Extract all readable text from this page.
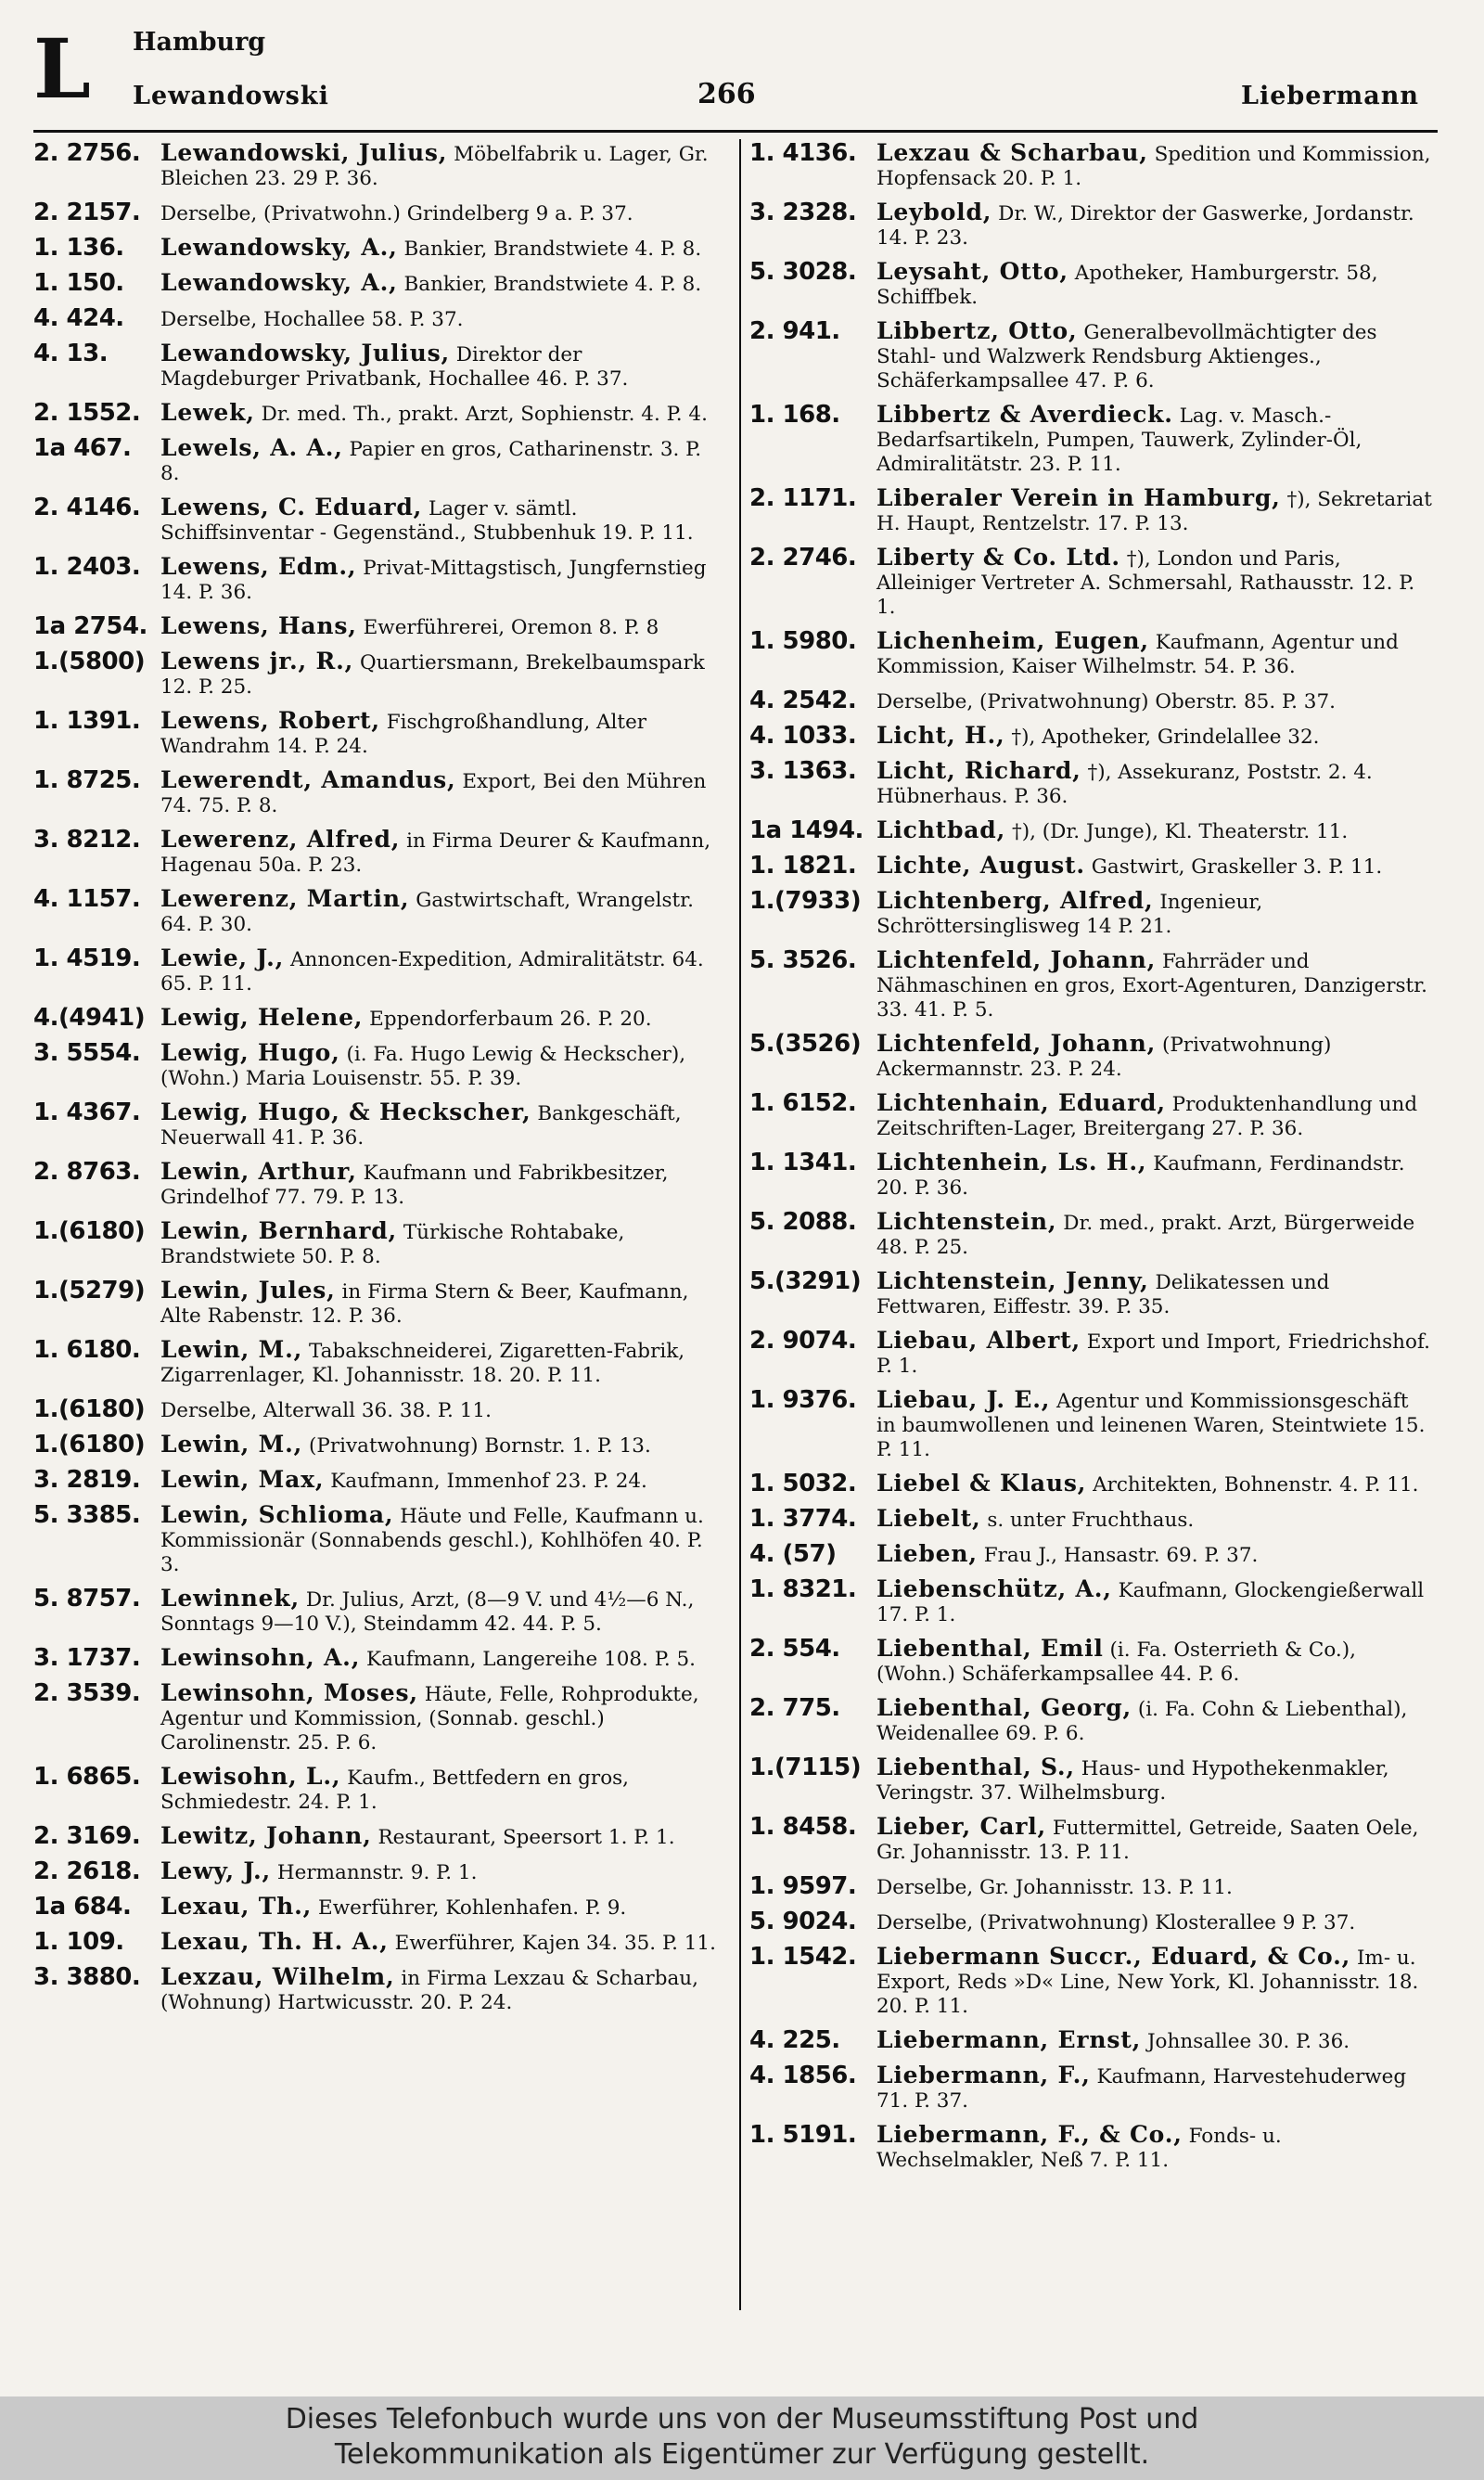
L Hamburg
Lewandowski	266	Liebermann
2. 2756. Lewandowski, Julius, Möbelfabrik u. Lager, Gr. Bleichen 23. 29 P. 36.
2. 2157.	Derselbe, (Privatwohn.) Grindelberg 9 a. P. 37.
1. 136.	Lewandowsky, A., Bankier, Brandstwiete 4. P. 8.
1. 150.	Lewandowsky, A., Bankier, Brandstwiete 4. P. 8.
4. 424.	Derselbe, Hochallee 58. P. 37.
4. 13.	Lewandowsky, Julius, Direktor der Magdeburger Privatbank, Hochallee 46. P. 37.
2. 1552. Lewek, Dr. med. Th., prakt. Arzt, Sophienstr. 4. P. 4.
1a 467.	Lewels, A. A., Papier en gros, Catharinenstr. 3. P. 8.
2. 4146. Lewens, C. Eduard, Lager v. sämtl. Schiffsinventar - Gegenständ., Stubbenhuk 19. P. 11.
1. 2403. Lewens, Edm., Privat-Mittagstisch, Jungfernstieg 14. P. 36.
1a 2754. Lewens, Hans, Ewerführerei, Oremon 8. P. 8
1.(5800) Lewens jr., R., Quartiersmann, Brekelbaumspark 12. P. 25.
1. 1391. Lewens, Robert, Fischgroßhandlung, Alter Wandrahm 14. P. 24.
1. 8725. Lewerendt, Amandus, Export, Bei den Mühren 74. 75. P. 8.
3. 8212. Lewerenz, Alfred, in Firma Deurer & Kaufmann, Hagenau 50a. P. 23.
4. 1157. Lewerenz, Martin, Gastwirtschaft, Wrangelstr. 64. P. 30.
1. 4519. Lewie, J., Annoncen-Expedition, Admiralitätstr. 64. 65. P. 11.
4.(4941) Lewig, Helene, Eppendorferbaum 26. P. 20.
3. 5554. Lewig, Hugo, (i. Fa. Hugo Lewig & Heckscher), (Wohn.) Maria Louisenstr. 55. P. 39.
1. 4367. Lewig, Hugo, & Heckscher, Bankgeschäft, Neuerwall 41. P. 36.
2. 8763. Lewin, Arthur, Kaufmann und Fabrikbesitzer, Grindelhof 77. 79. P. 13.
1.(6180) Lewin, Bernhard, Türkische Rohtabake, Brandstwiete 50. P. 8.
1.(5279) Lewin, Jules, in Firma Stern & Beer, Kaufmann, Alte Rabenstr. 12. P. 36.
1. 6180. Lewin, M., Tabakschneiderei, Zigaretten-Fabrik, Zigarrenlager, Kl. Johannisstr. 18. 20. P. 11.
1.(6180) Derselbe, Alterwall 36. 38. P. 11.
1.(6180) Lewin, M., (Privatwohnung) Bornstr. 1. P. 13.
3. 2819. Lewin, Max, Kaufmann, Immenhof 23. P. 24.
5. 3385. Lewin, Schlioma, Häute und Felle, Kaufmann u. Kommissionär (Sonnabends geschl.), Kohlhöfen 40. P. 3.
5. 8757. Lewinnek, Dr. Julius, Arzt, (8—9 V. und 4½—6 N., Sonntags 9—10 V.), Steindamm 42. 44. P. 5.
3. 1737. Lewinsohn, A., Kaufmann, Langereihe 108. P. 5.
2. 3539. Lewinsohn, Moses, Häute, Felle, Rohprodukte, Agentur und Kommission, (Sonnab. geschl.) Carolinenstr. 25. P. 6.
1. 6865. Lewisohn, L., Kaufm., Bettfedern en gros, Schmiedestr. 24. P. 1.
2. 3169. Lewitz, Johann, Restaurant, Speersort 1. P. 1.
2. 2618. Lewy, J., Hermannstr. 9. P. 1.
1a 684.	Lexau, Th., Ewerführer, Kohlenhafen. P. 9.
1. 109.	Lexau, Th. H. A., Ewerführer, Kajen 34. 35. P. 11.
3. 3880. Lexzau, Wilhelm, in Firma Lexzau & Scharbau, (Wohnung) Hartwicusstr. 20. P. 24.
1. 4136. Lexzau & Scharbau, Spedition und Kommission, Hopfensack 20. P. 1.
3. 2328. Leybold, Dr. W., Direktor der Gaswerke, Jordanstr. 14. P. 23.
5. 3028. Leysaht, Otto, Apotheker, Hamburgerstr. 58, Schiffbek.
2. 941.	Libbertz, Otto, Generalbevollmächtigter des Stahl- und Walzwerk Rendsburg Aktienges., Schäferkampsallee 47. P. 6.
1. 168.	Libbertz & Averdieck. Lag. v. Masch.-Bedarfsartikeln, Pumpen, Tauwerk, Zylinder-Öl, Admiralitätstr. 23. P. 11.
2. 1171. Liberaler Verein in Hamburg, †), Sekretariat H. Haupt, Rentzelstr. 17. P. 13.
2. 2746. Liberty & Co. Ltd. †), London und Paris, Alleiniger Vertreter A. Schmersahl, Rathausstr. 12. P. 1.
1. 5980. Lichenheim, Eugen, Kaufmann, Agentur und Kommission, Kaiser Wilhelmstr. 54. P. 36.
4. 2542.	Derselbe, (Privatwohnung) Oberstr. 85. P. 37.
4. 1033. Licht, H., †), Apotheker, Grindelallee 32.
3. 1363. Licht, Richard, †), Assekuranz, Poststr. 2. 4. Hübnerhaus. P. 36.
1a 1494. Lichtbad, †), (Dr. Junge), Kl. Theaterstr. 11.
1. 1821. Lichte, August. Gastwirt, Graskeller 3. P. 11.
1.(7933) Lichtenberg, Alfred, Ingenieur, Schröttersinglisweg 14 P. 21.
5. 3526. Lichtenfeld, Johann, Fahrräder und Nähmaschinen en gros, Exort-Agenturen, Danzigerstr. 33. 41. P. 5.
5.(3526) Lichtenfeld, Johann, (Privatwohnung) Ackermannstr. 23. P. 24.
1. 6152. Lichtenhain, Eduard, Produktenhandlung und Zeitschriften-Lager, Breitergang 27. P. 36.
1. 1341. Lichtenhein, Ls. H., Kaufmann, Ferdinandstr. 20. P. 36.
5. 2088. Lichtenstein, Dr. med., prakt. Arzt, Bürgerweide 48. P. 25.
5.(3291) Lichtenstein, Jenny, Delikatessen und Fettwaren, Eiffestr. 39. P. 35.
2. 9074. Liebau, Albert, Export und Import, Friedrichshof. P. 1.
1. 9376. Liebau, J. E., Agentur und Kommissionsgeschäft in baumwollenen und leinenen Waren, Steintwiete 15. P. 11.
1. 5032. Liebel & Klaus, Architekten, Bohnenstr. 4. P. 11.
1. 3774. Liebelt, s. unter Fruchthaus.
4. (57)	Lieben, Frau J., Hansastr. 69. P. 37.
1. 8321. Liebenschütz, A., Kaufmann, Glockengießerwall 17. P. 1.
2. 554.	Liebenthal, Emil (i. Fa. Osterrieth & Co.), (Wohn.) Schäferkampsallee 44. P. 6.
2. 775.	Liebenthal, Georg, (i. Fa. Cohn & Liebenthal), Weidenallee 69. P. 6.
1.(7115) Liebenthal, S., Haus- und Hypothekenmakler, Veringstr. 37. Wilhelmsburg.
1. 8458. Lieber, Carl, Futtermittel, Getreide, Saaten Oele, Gr. Johannisstr. 13. P. 11.
1. 9597.	Derselbe, Gr. Johannisstr. 13. P. 11.
5. 9024.	Derselbe, (Privatwohnung) Klosterallee 9 P. 37.
1. 1542. Liebermann Succr., Eduard, & Co., Im- u. Export, Reds »D« Line, New York, Kl. Johannisstr. 18. 20. P. 11.
4. 225.	Liebermann, Ernst, Johnsallee 30. P. 36.
4. 1856. Liebermann, F., Kaufmann, Harvestehuderweg 71. P. 37.
1. 5191. Liebermann, F., & Co., Fonds- u. Wechselmakler, Neß 7. P. 11.
Dieses Telefonbuch wurde uns von der Museumsstiftung Post und
Telekommunikation als Eigentümer zur Verfügung gestellt.
